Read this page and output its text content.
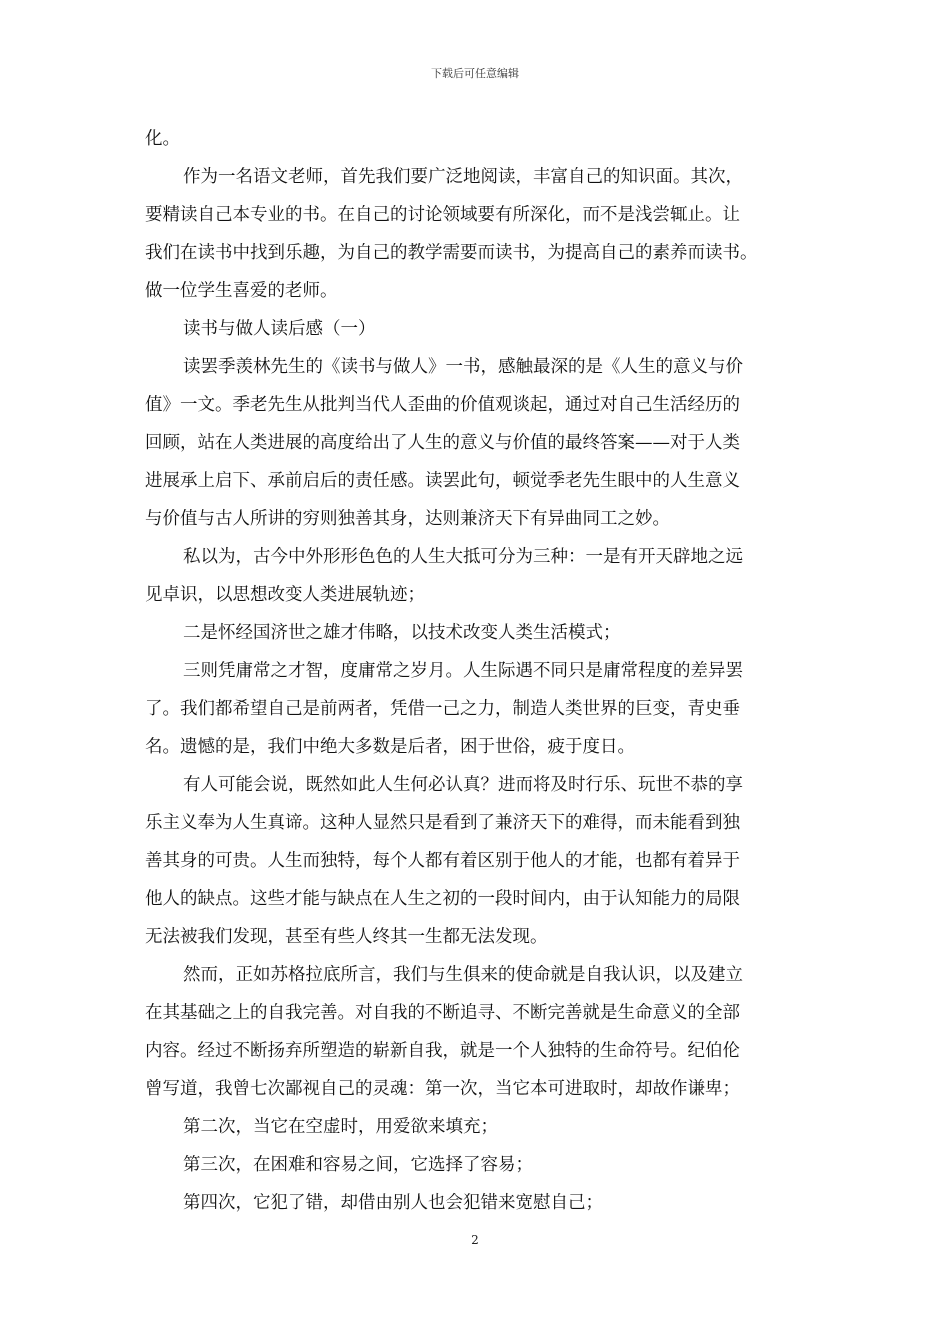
下载后可任意编辑
化。
作为一名语文老师，首先我们要广泛地阅读，丰富自己的知识面。其次，
要精读自己本专业的书。在自己的讨论领域要有所深化，而不是浅尝辄止。让
我们在读书中找到乐趣，为自己的教学需要而读书，为提高自己的素养而读书。
做一位学生喜爱的老师。
读书与做人读后感（一）
读罢季羡林先生的《读书与做人》一书，感触最深的是《人生的意义与价
值》一文。季老先生从批判当代人歪曲的价值观谈起，通过对自己生活经历的
回顾，站在人类进展的高度给出了人生的意义与价值的最终答案——对于人类
进展承上启下、承前启后的责任感。读罢此句，顿觉季老先生眼中的人生意义
与价值与古人所讲的穷则独善其身，达则兼济天下有异曲同工之妙。
私以为，古今中外形形色色的人生大抵可分为三种：一是有开天辟地之远
见卓识，以思想改变人类进展轨迹；
二是怀经国济世之雄才伟略，以技术改变人类生活模式；
三则凭庸常之才智，度庸常之岁月。人生际遇不同只是庸常程度的差异罢
了。我们都希望自己是前两者，凭借一己之力，制造人类世界的巨变，青史垂
名。遗憾的是，我们中绝大多数是后者，困于世俗，疲于度日。
有人可能会说，既然如此人生何必认真？进而将及时行乐、玩世不恭的享
乐主义奉为人生真谛。这种人显然只是看到了兼济天下的难得，而未能看到独
善其身的可贵。人生而独特，每个人都有着区别于他人的才能，也都有着异于
他人的缺点。这些才能与缺点在人生之初的一段时间内，由于认知能力的局限
无法被我们发现，甚至有些人终其一生都无法发现。
然而，正如苏格拉底所言，我们与生俱来的使命就是自我认识，以及建立
在其基础之上的自我完善。对自我的不断追寻、不断完善就是生命意义的全部
内容。经过不断扬弃所塑造的崭新自我，就是一个人独特的生命符号。纪伯伦
曾写道，我曾七次鄙视自己的灵魂：第一次，当它本可进取时，却故作谦卑；
第二次，当它在空虚时，用爱欲来填充；
第三次，在困难和容易之间，它选择了容易；
第四次，它犯了错，却借由别人也会犯错来宽慰自己；
2
